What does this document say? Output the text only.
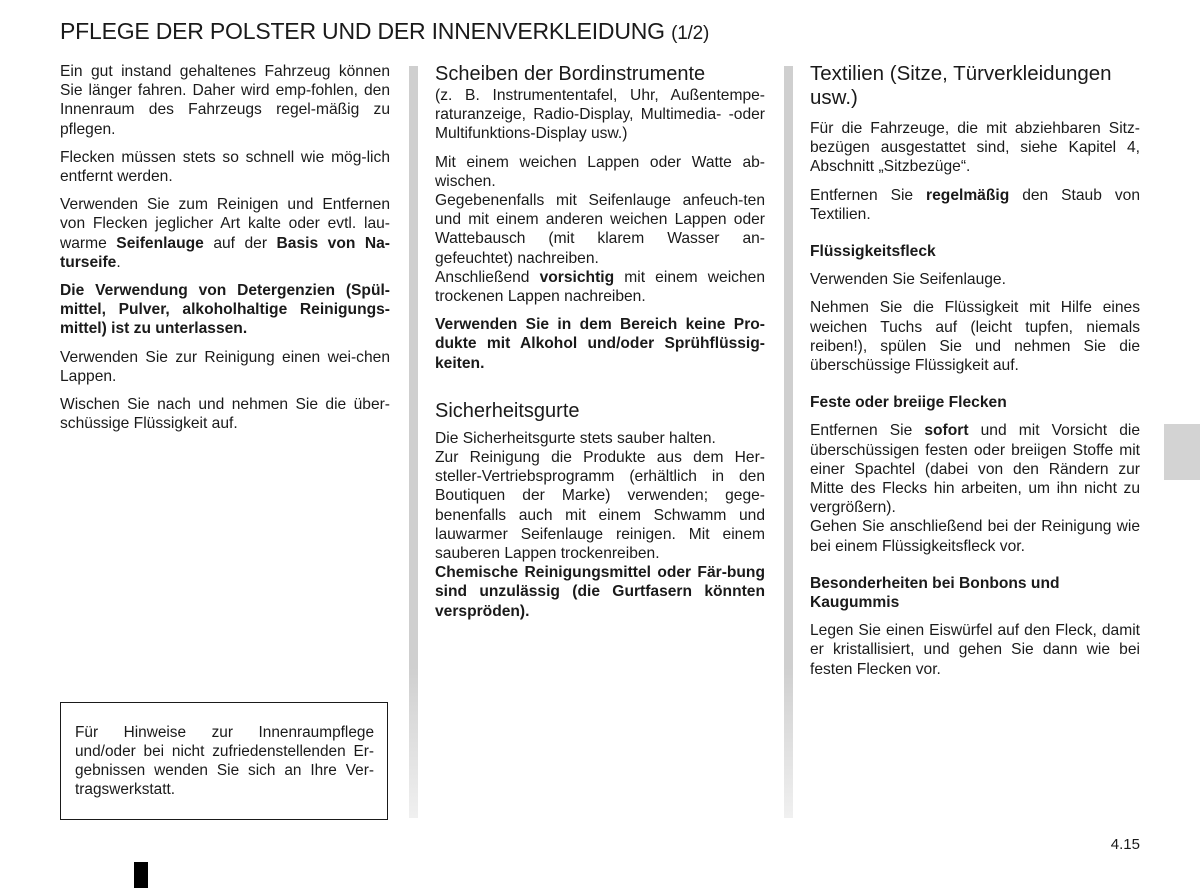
PFLEGE DER POLSTER UND DER INNENVERKLEIDUNG (1/2)

Ein gut instand gehaltenes Fahrzeug können Sie länger fahren. Daher wird emp-fohlen, den Innenraum des Fahrzeugs regel-mäßig zu pflegen.

Flecken müssen stets so schnell wie mög-lich entfernt werden.

Verwenden Sie zum Reinigen und Entfernen von Flecken jeglicher Art kalte oder evtl. lau-warme Seifenlauge auf der Basis von Na-turseife.

Die Verwendung von Detergenzien (Spül-mittel, Pulver, alkoholhaltige Reinigungs-mittel) ist zu unterlassen.

Verwenden Sie zur Reinigung einen wei-chen Lappen.

Wischen Sie nach und nehmen Sie die über-schüssige Flüssigkeit auf.

Für Hinweise zur Innenraumpflege und/oder bei nicht zufriedenstellenden Er-gebnissen wenden Sie sich an Ihre Ver-tragswerkstatt.
Scheiben der Bordinstrumente

(z. B. Instrumententafel, Uhr, Außentempe-raturanzeige, Radio-Display, Multimedia- -oder Multifunktions-Display usw.)

Mit einem weichen Lappen oder Watte ab-wischen.

Gegebenenfalls mit Seifenlauge anfeuch-ten und mit einem anderen weichen Lappen oder Wattebausch (mit klarem Wasser an-gefeuchtet) nachreiben.

Anschließend vorsichtig mit einem weichen trockenen Lappen nachreiben.

Verwenden Sie in dem Bereich keine Pro-dukte mit Alkohol und/oder Sprühflüssig-keiten.

Sicherheitsgurte

Die Sicherheitsgurte stets sauber halten.

Zur Reinigung die Produkte aus dem Her-steller-Vertriebsprogramm (erhältlich in den Boutiquen der Marke) verwenden; gege-benenfalls auch mit einem Schwamm und lauwarmer Seifenlauge reinigen. Mit einem sauberen Lappen trockenreiben.

Chemische Reinigungsmittel oder Fär-bung sind unzulässig (die Gurtfasern könnten verspröden).

Textilien (Sitze, Türverkleidungen usw.)

Für die Fahrzeuge, die mit abziehbaren Sitz-bezügen ausgestattet sind, siehe Kapitel 4, Abschnitt „Sitzbezüge“.

Entfernen Sie regelmäßig den Staub von Textilien.

Flüssigkeitsfleck

Verwenden Sie Seifenlauge.

Nehmen Sie die Flüssigkeit mit Hilfe eines weichen Tuchs auf (leicht tupfen, niemals reiben!), spülen Sie und nehmen Sie die überschüssige Flüssigkeit auf.

Feste oder breiige Flecken

Entfernen Sie sofort und mit Vorsicht die überschüssigen festen oder breiigen Stoffe mit einer Spachtel (dabei von den Rändern zur Mitte des Flecks hin arbeiten, um ihn nicht zu vergrößern).

Gehen Sie anschließend bei der Reinigung wie bei einem Flüssigkeitsfleck vor.

Besonderheiten bei Bonbons und Kaugummis

Legen Sie einen Eiswürfel auf den Fleck, damit er kristallisiert, und gehen Sie dann wie bei festen Flecken vor.

4.15
